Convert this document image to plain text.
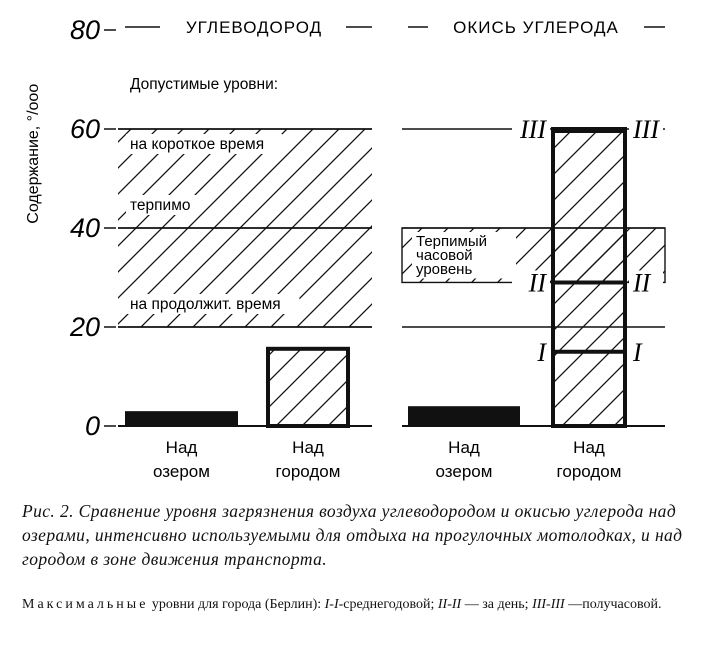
0
20
40
60
80
Содержание, °/ооо
УГЛЕВОДОРОД
на короткое время
терпимо
на продолжит. время
Допустимые уровни:
Над
озером
Над
городом
ОКИСЬ УГЛЕРОДА
Терпимый
часовой
уровень
III	III
II	II
I	I
Над
озером
Над
городом
Рис. 2. Сравнение уровня загрязнения воздуха углеводородом и окисью углерода над озерами, интенсивно используемыми для отдыха на прогулочных мотолодках, и над городом в зоне движения транспорта.
Максимальные уровни для города (Берлин): I-I-среднегодовой; II-II — за день; III-III —получасовой.
